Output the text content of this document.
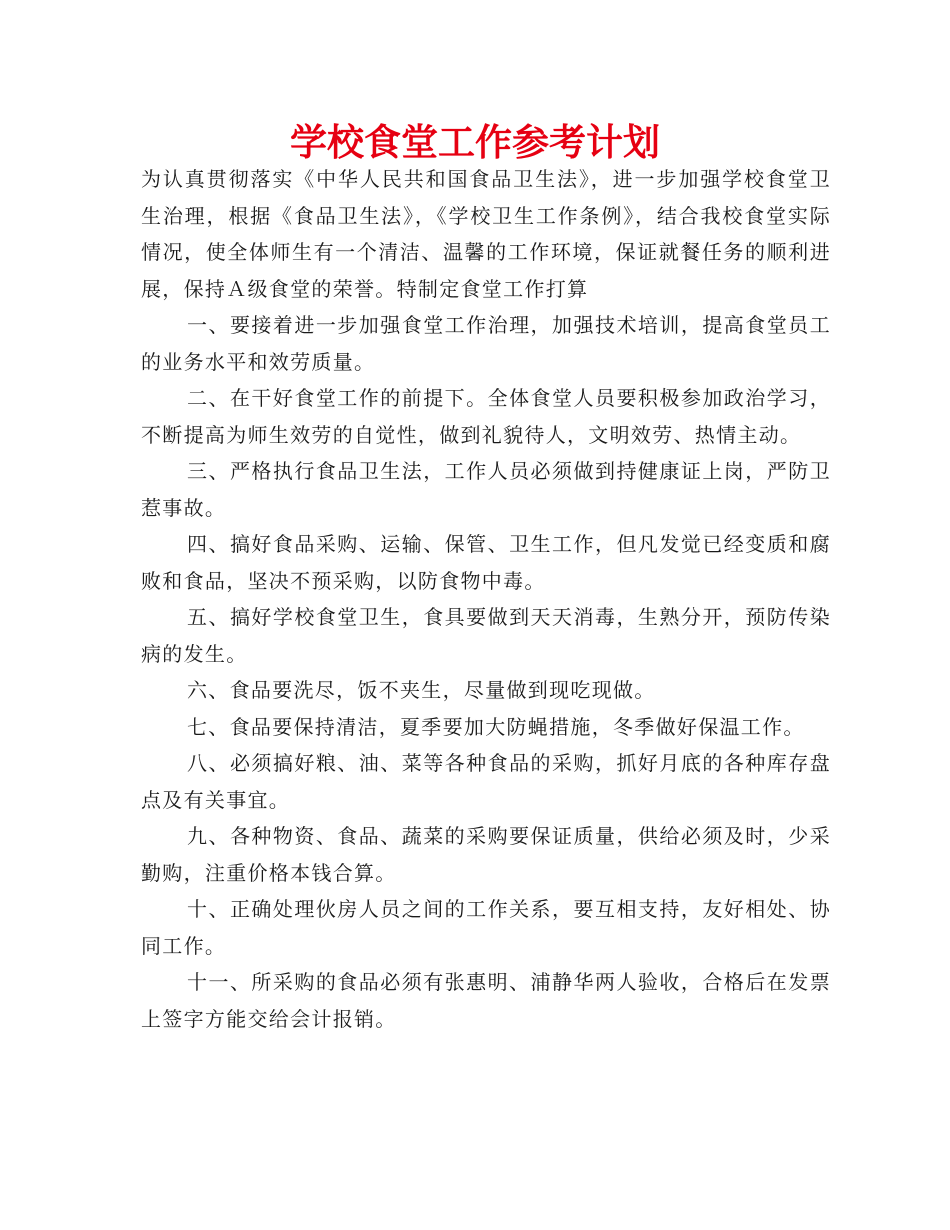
学校食堂工作参考计划

为认真贯彻落实《中华人民共和国食品卫生法》，进一步加强学校食堂卫生治理，根据《食品卫生法》，《学校卫生工作条例》，结合我校食堂实际情况，使全体师生有一个清洁、温馨的工作环境，保证就餐任务的顺利进展，保持Ａ级食堂的荣誉。特制定食堂工作打算

一、要接着进一步加强食堂工作治理，加强技术培训，提高食堂员工的业务水平和效劳质量。

二、在干好食堂工作的前提下。全体食堂人员要积极参加政治学习，不断提高为师生效劳的自觉性，做到礼貌待人，文明效劳、热情主动。

三、严格执行食品卫生法，工作人员必须做到持健康证上岗，严防卫惹事故。

四、搞好食品采购、运输、保管、卫生工作，但凡发觉已经变质和腐败和食品，坚决不预采购，以防食物中毒。

五、搞好学校食堂卫生，食具要做到天天消毒，生熟分开，预防传染病的发生。

六、食品要洗尽，饭不夹生，尽量做到现吃现做。

七、食品要保持清洁，夏季要加大防蝇措施，冬季做好保温工作。

八、必须搞好粮、油、菜等各种食品的采购，抓好月底的各种库存盘点及有关事宜。

九、各种物资、食品、蔬菜的采购要保证质量，供给必须及时，少采勤购，注重价格本钱合算。

十、正确处理伙房人员之间的工作关系，要互相支持，友好相处、协同工作。

十一、所采购的食品必须有张惠明、浦静华两人验收，合格后在发票上签字方能交给会计报销。
